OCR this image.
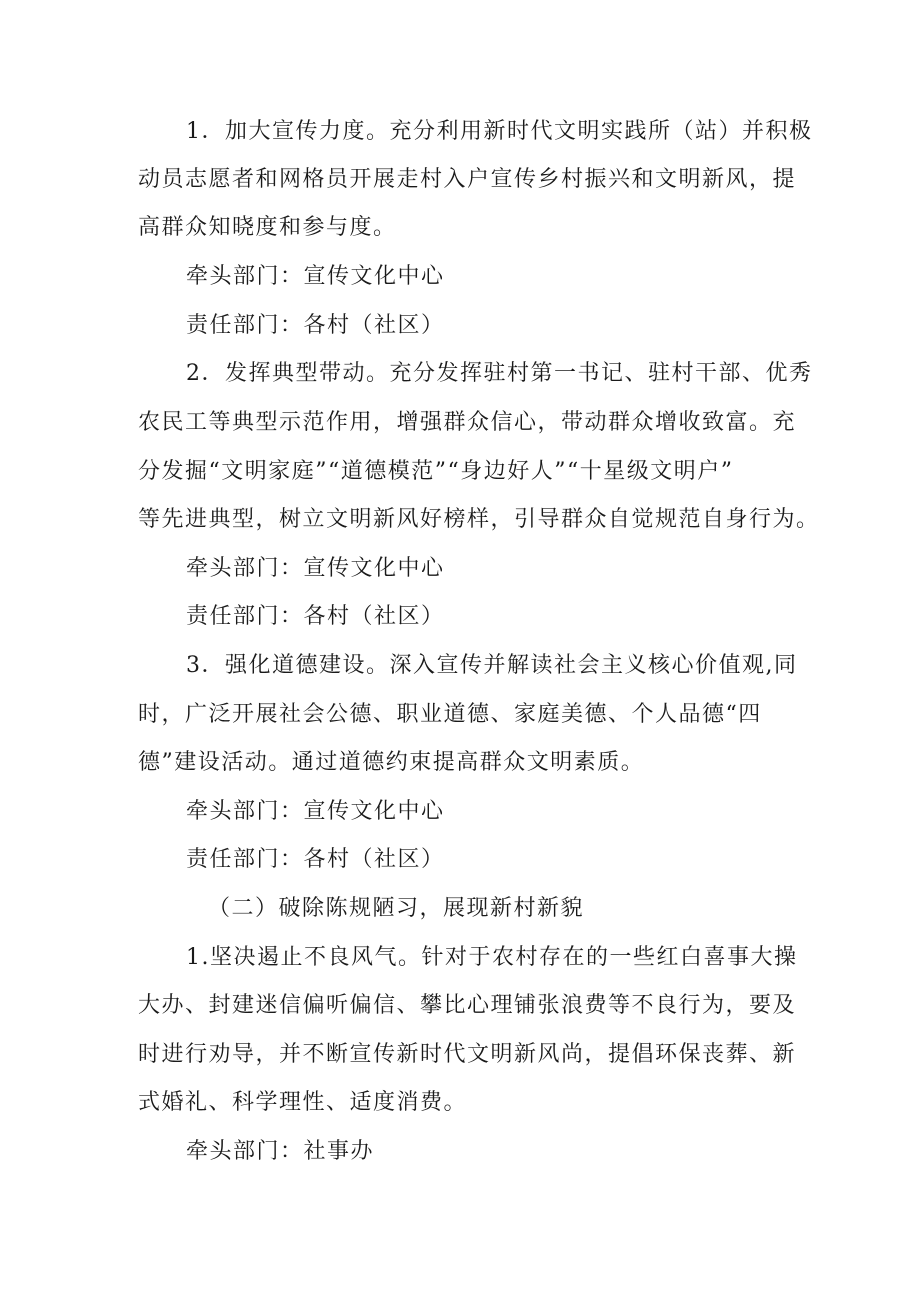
1．加大宣传力度。充分利用新时代文明实践所（站）并积极
动员志愿者和网格员开展走村入户宣传乡村振兴和文明新风，提
高群众知晓度和参与度。
牵头部门：宣传文化中心
责任部门：各村（社区）
2．发挥典型带动。充分发挥驻村第一书记、驻村干部、优秀
农民工等典型示范作用，增强群众信心，带动群众增收致富。充
分发掘“文明家庭”“道德模范”“身边好人”“十星级文明户”
等先进典型，树立文明新风好榜样，引导群众自觉规范自身行为。
牵头部门：宣传文化中心
责任部门：各村（社区）
3．强化道德建设。深入宣传并解读社会主义核心价值观,同
时，广泛开展社会公德、职业道德、家庭美德、个人品德“四
德”建设活动。通过道德约束提高群众文明素质。
牵头部门：宣传文化中心
责任部门：各村（社区）
（二）破除陈规陋习，展现新村新貌
1.坚决遏止不良风气。针对于农村存在的一些红白喜事大操
大办、封建迷信偏听偏信、攀比心理铺张浪费等不良行为，要及
时进行劝导，并不断宣传新时代文明新风尚，提倡环保丧葬、新
式婚礼、科学理性、适度消费。
牵头部门：社事办
